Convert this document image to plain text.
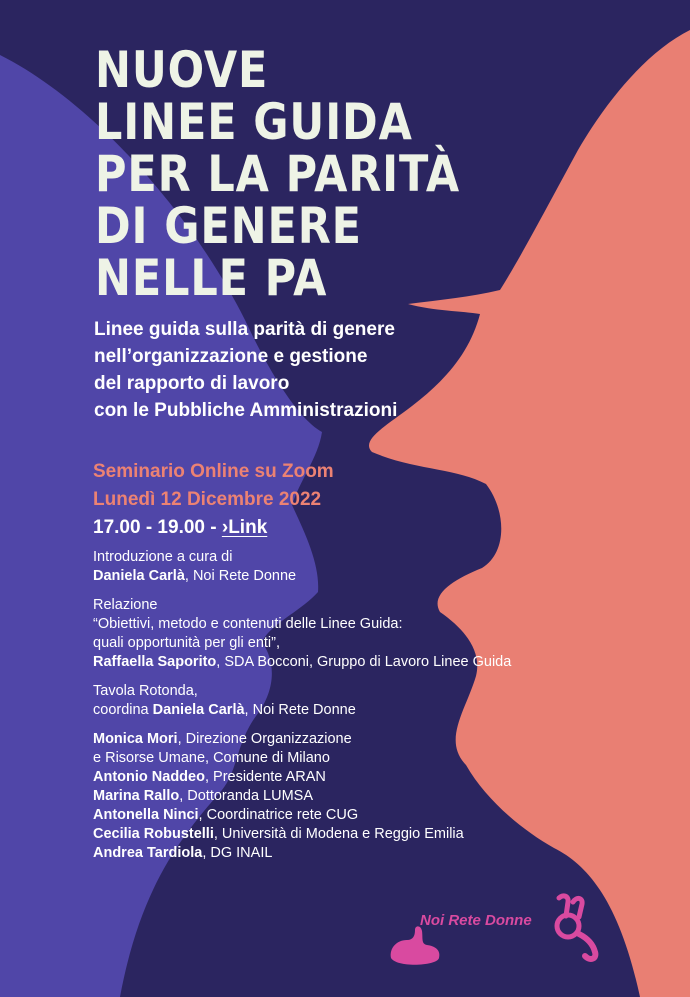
NUOVE
LINEE GUIDA
PER LA PARITÀ
DI GENERE
NELLE PA
Linee guida sulla parità di genere
nell’organizzazione e gestione
del rapporto di lavoro
con le Pubbliche Amministrazioni
Seminario Online su Zoom
Lunedì 12 Dicembre 2022
17.00 - 19.00 - ›Link
Introduzione a cura di
Daniela Carlà, Noi Rete Donne
Relazione
“Obiettivi, metodo e contenuti delle Linee Guida:
quali opportunità per gli enti”,
Raffaella Saporito, SDA Bocconi, Gruppo di Lavoro Linee Guida
Tavola Rotonda,
coordina Daniela Carlà, Noi Rete Donne
Monica Mori, Direzione Organizzazione
e Risorse Umane, Comune di Milano
Antonio Naddeo, Presidente ARAN
Marina Rallo, Dottoranda LUMSA
Antonella Ninci, Coordinatrice rete CUG
Cecilia Robustelli, Università di Modena e Reggio Emilia
Andrea Tardiola, DG INAIL
Noi Rete Donne
